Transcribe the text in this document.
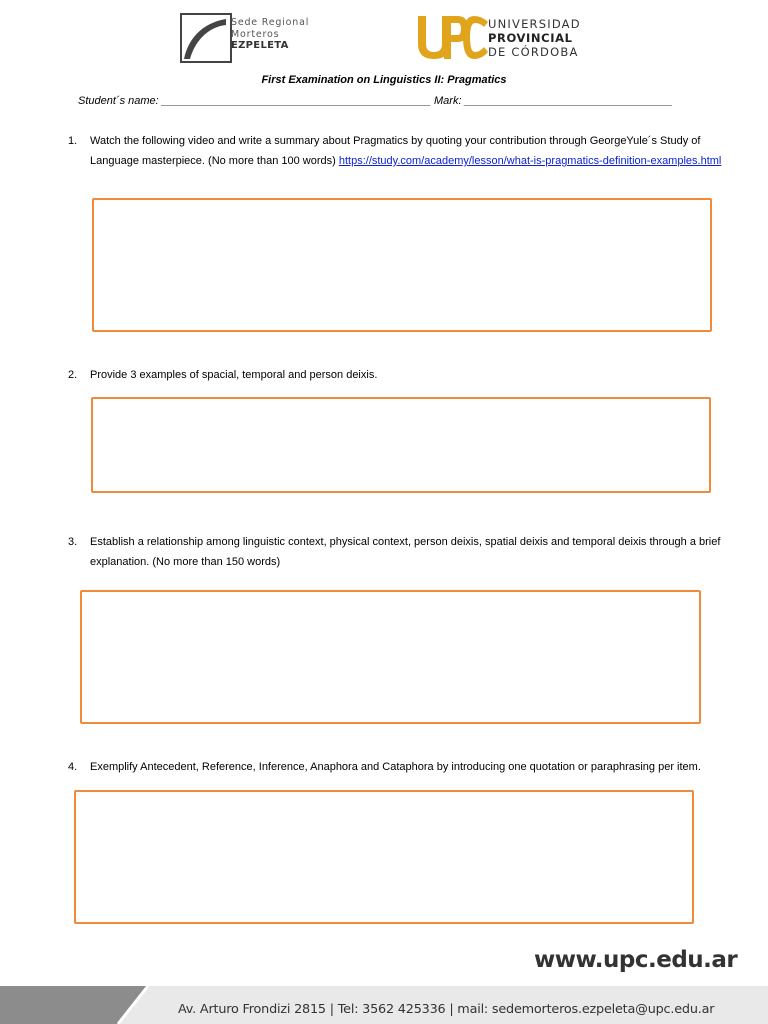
Sede Regional
Morteros
EZPELETA
UNIVERSIDAD
PROVINCIAL
DE CÓRDOBA
First Examination on Linguistics II: Pragmatics
Student´s name: ____________________________________________ Mark: __________________________________
1. Watch the following video and write a summary about Pragmatics by quoting your contribution through GeorgeYule´s Study of Language masterpiece. (No more than 100 words) https://study.com/academy/lesson/what-is-pragmatics-definition-examples.html
2. Provide 3 examples of spacial, temporal and person deixis.
3. Establish a relationship among linguistic context, physical context, person deixis, spatial deixis and temporal deixis through a brief explanation. (No more than 150 words)
4. Exemplify Antecedent, Reference, Inference, Anaphora and Cataphora by introducing one quotation or paraphrasing per item.
www.upc.edu.ar
Av. Arturo Frondizi 2815 | Tel: 3562 425336 | mail: sedemorteros.ezpeleta@upc.edu.ar
